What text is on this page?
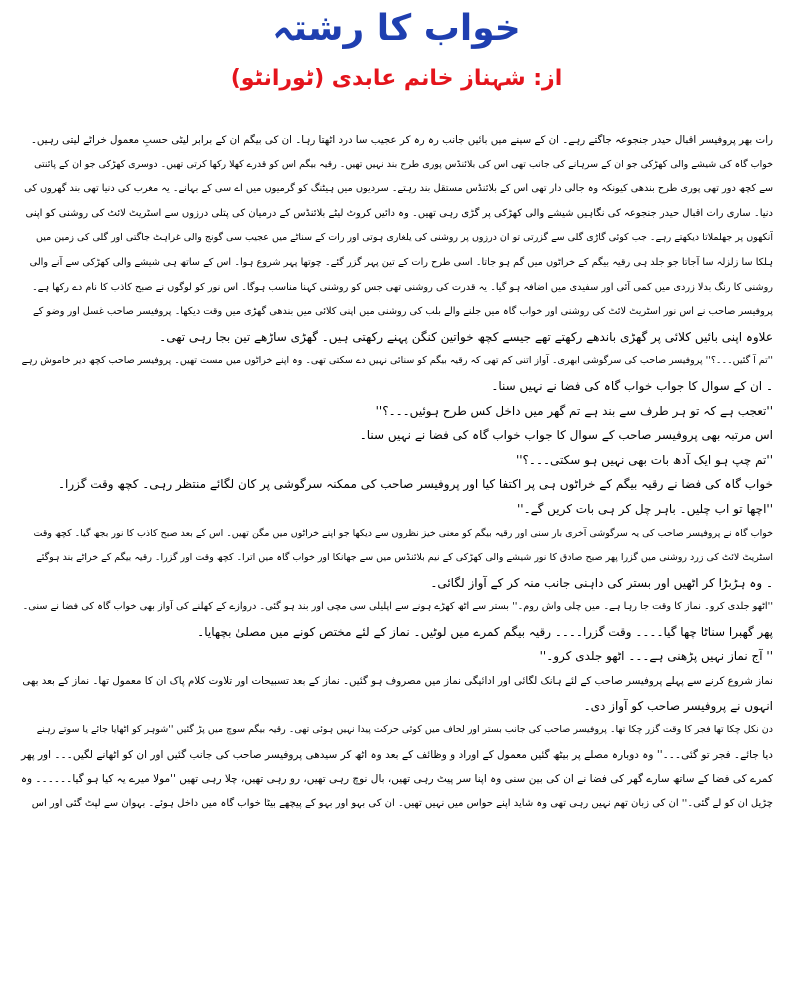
خواب کا رشتہ
از: شہناز خانم عابدی (ٹورانٹو)
رات بھر پروفیسر اقبال حیدر جنجوعہ جاگتے رہے۔ ان کے سینے میں بائیں جانب رہ رہ کر عجیب سا درد اٹھتا رہا۔ ان کی بیگم ان کے برابر لیٹی حسبِ معمول خراٹے لیتی رہیں۔
خواب گاہ کی شیشے والی کھڑکی جو ان کے سرہانے کی جانب تھی اس کی بلائنڈس پوری طرح بند نہیں تھیں۔ رقیہ بیگم اس کو قدرے کھلا رکھا کرتی تھیں۔ دوسری کھڑکی جو ان کے پائنتی
سے کچھ دور تھی پوری طرح بندھی کیونکہ وہ جالی دار تھی اس کے بلائنڈس مستقل بند رہتے۔ سردیوں میں ہیٹنگ کو گرمیوں میں اے سی کے بہانے۔ یہ مغرب کی دنیا تھی بند گھروں کی
دنیا۔ ساری رات اقبال حیدر جنجوعہ کی نگاہیں شیشے والی کھڑکی پر گڑی رہی تھیں۔ وہ دائیں کروٹ لیٹے بلائنڈس کے درمیان کی پتلی درزوں سے اسٹریٹ لائٹ کی روشنی کو اپنی
آنکھوں پر جھلملاتا دیکھتے رہے۔ جب کوئی گاڑی گلی سے گزرتی تو ان درزوں پر روشنی کی یلغاری ہوتی اور رات کے سناٹے میں عجیب سی گونج والی غراہٹ جاگتی اور گلی کی زمین میں
ہلکا سا زلزلہ سا آجاتا جو جلد ہی رقیہ بیگم کے خراٹوں میں گم ہو جاتا۔ اسی طرح رات کے تین پہر گزر گئے۔ چوتھا پہر شروع ہوا۔ اس کے ساتھ ہی شیشے والی کھڑکی سے آنے والی
روشنی کا رنگ بدلا زردی میں کمی آئی اور سفیدی میں اضافہ ہو گیا۔ یہ قدرت کی روشنی تھی جس کو روشنی کہنا مناسب ہوگا۔ اس نور کو لوگوں نے صبح کاذب کا نام دے رکھا ہے۔
پروفیسر صاحب نے اس نور اسٹریٹ لائٹ کی روشنی اور خواب گاہ میں جلنے والے بلب کی روشنی میں اپنی کلائی میں بندھی گھڑی میں وقت دیکھا۔ پروفیسر صاحب غسل اور وضو کے
علاوہ اپنی بائیں کلائی پر گھڑی باندھے رکھتے تھے جیسے کچھ خواتین کنگن پہنے رکھتی ہیں۔ گھڑی ساڑھے تین بجا رہی تھی۔
''تم آ گئیں۔۔۔؟'' پروفیسر صاحب کی سرگوشی ابھری۔ آواز اتنی کم تھی کہ رقیہ بیگم کو سنائی نہیں دے سکتی تھی۔ وہ اپنے خراٹوں میں مست تھیں۔ پروفیسر صاحب کچھ دیر خاموش رہے
۔ ان کے سوال کا جواب خواب گاہ کی فضا نے نہیں سنا۔
''تعجب ہے کہ تو ہر طرف سے بند ہے تم گھر میں داخل کس طرح ہوئیں۔۔۔؟''
اس مرتبہ بھی پروفیسر صاحب کے سوال کا جواب خواب گاہ کی فضا نے نہیں سنا۔
''تم چپ ہو ایک آدھ بات بھی نہیں ہو سکتی۔۔۔؟''
خواب گاہ کی فضا نے رقیہ بیگم کے خراٹوں ہی پر اکتفا کیا اور پروفیسر صاحب کی ممکنہ سرگوشی پر کان لگائے منتظر رہی۔ کچھ وقت گزرا۔
''اچھا تو اب چلیں۔ باہر چل کر ہی بات کریں گے۔''
خواب گاہ نے پروفیسر صاحب کی یہ سرگوشی آخری بار سنی اور رقیہ بیگم کو معنی خیز نظروں سے دیکھا جو اپنے خراٹوں میں مگن تھیں۔ اس کے بعد صبح کاذب کا نور بجھ گیا۔ کچھ وقت
اسٹریٹ لائٹ کی زرد روشنی میں گزرا پھر صبح صادق کا نور شیشے والی کھڑکی کے نیم بلائنڈس میں سے جھانکا اور خواب گاہ میں اترا۔ کچھ وقت اور گزرا۔ رقیہ بیگم کے خراٹے بند ہوگئے
۔ وہ ہڑبڑا کر اٹھیں اور بستر کی داہنی جانب منہ کر کے آواز لگائی۔
''اٹھو جلدی کرو۔ نماز کا وقت جا رہا ہے۔ میں چلی واش روم۔'' بستر سے اٹھ کھڑے ہونے سے اپلیلی سی مچی اور بند ہو گئی۔ دروازے کے کھلنے کی آواز بھی خواب گاہ کی فضا نے سنی۔
پھر گھبرا سناٹا چھا گیا۔۔۔۔ وقت گزرا۔۔۔۔ رقیہ بیگم کمرے میں لوٹیں۔ نماز کے لئے مختص کونے میں مصلیٰ بچھایا۔
'' آج نماز نہیں پڑھنی ہے۔۔۔ اٹھو جلدی کرو۔''
نماز شروع کرنے سے پہلے پروفیسر صاحب کے لئے ہانک لگائی اور ادائیگی نماز میں مصروف ہو گئیں۔ نماز کے بعد تسبیحات اور تلاوت کلام پاک ان کا معمول تھا۔ نماز کے بعد بھی
انہوں نے پروفیسر صاحب کو آواز دی۔
دن نکل چکا تھا فجر کا وقت گزر چکا تھا۔ پروفیسر صاحب کی جانب بستر اور لحاف میں کوئی حرکت پیدا نہیں ہوئی تھی۔ رقیہ بیگم سوچ میں پڑ گئیں ''شوہر کو اٹھایا جائے یا سوتے رہنے
دیا جائے۔ فجر تو گئی۔۔۔'' وہ دوبارہ مصلے پر بیٹھ گئیں معمول کے اوراد و وظائف کے بعد وہ اٹھ کر سیدھی پروفیسر صاحب کی جانب گئیں اور ان کو اٹھانے لگیں۔۔۔ اور پھر
کمرے کی فضا کے ساتھ سارے گھر کی فضا نے ان کی بین سنی وہ اپنا سر پیٹ رہی تھیں، بال نوچ رہی تھیں، رو رہی تھیں، چلا رہی تھیں ''مولا میرے یہ کیا ہو گیا۔۔۔۔۔۔ وہ
چڑیل ان کو لے گئی۔'' ان کی زبان تھم نہیں رہی تھی وہ شاید اپنے حواس میں نہیں تھیں۔ ان کی بہو اور بہو کے پیچھے بیٹا خواب گاہ میں داخل ہوئے۔ بہوان سے لپٹ گئی اور اس
